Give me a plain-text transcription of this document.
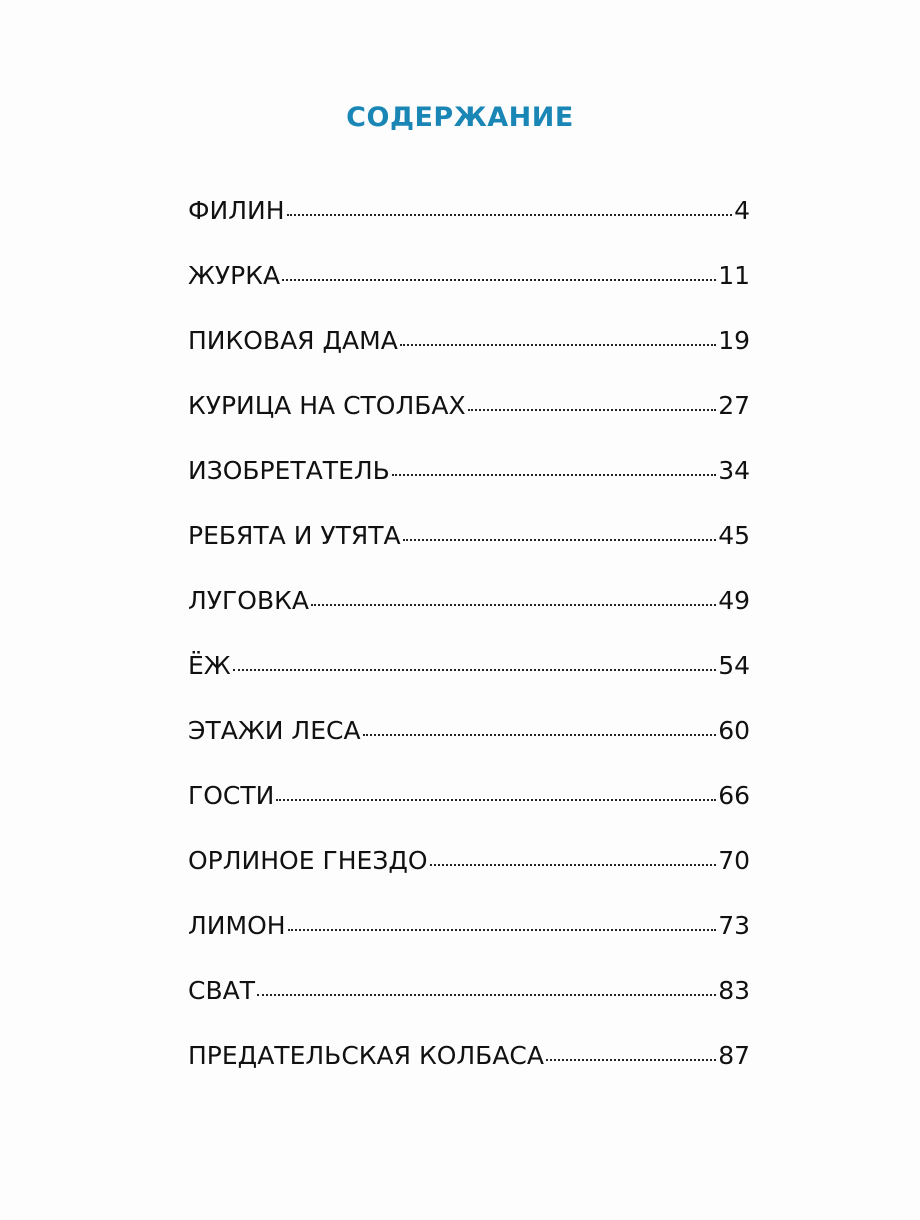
СОДЕРЖАНИЕ
ФИЛИН	4
ЖУРКА	11
ПИКОВАЯ ДАМА	19
КУРИЦА НА СТОЛБАХ	27
ИЗОБРЕТАТЕЛЬ	34
РЕБЯТА И УТЯТА	45
ЛУГОВКА	49
ЁЖ	54
ЭТАЖИ ЛЕСА	60
ГОСТИ	66
ОРЛИНОЕ ГНЕЗДО	70
ЛИМОН	73
СВАТ	83
ПРЕДАТЕЛЬСКАЯ КОЛБАСА	87
